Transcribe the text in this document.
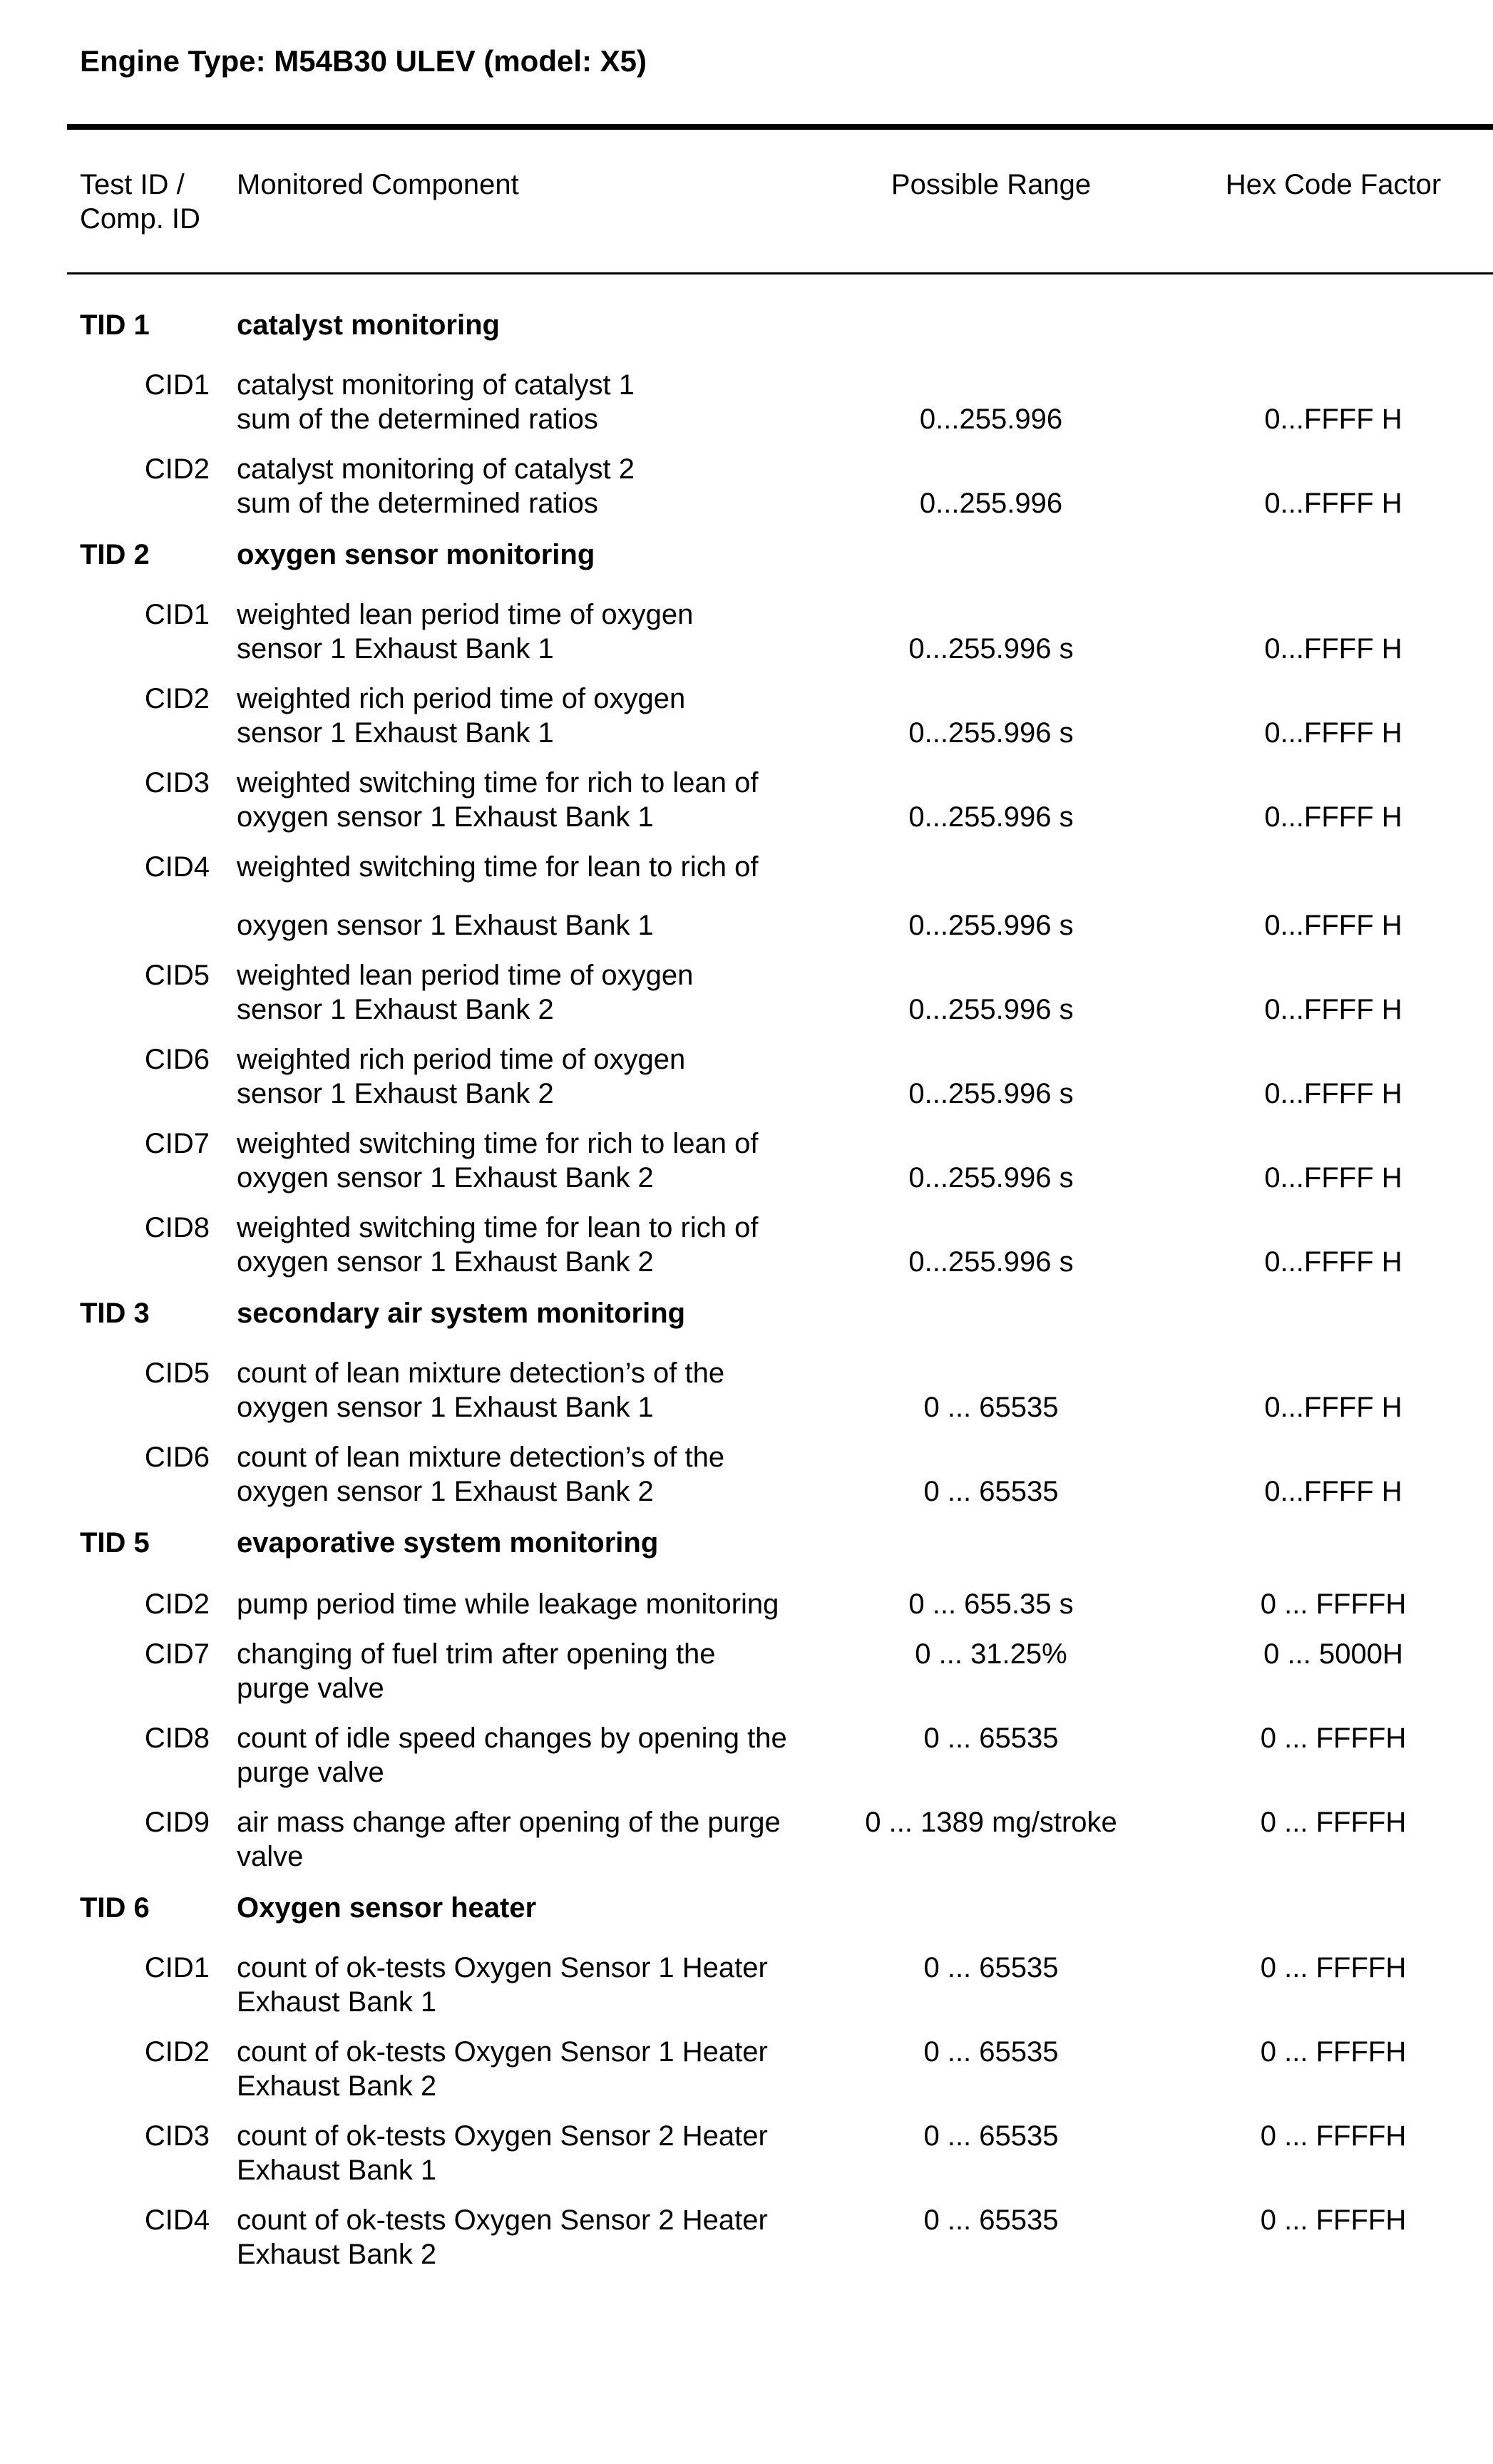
Engine Type: M54B30 ULEV (model: X5)
Test ID /
Comp. ID
Monitored Component	Possible Range	Hex Code Factor
TID 1	catalyst monitoring
CID1 catalyst monitoring of catalyst 1
sum of the determined ratios	0...255.996	0...FFFF H
CID2 catalyst monitoring of catalyst 2
sum of the determined ratios	0...255.996	0...FFFF H
TID 2	oxygen sensor monitoring
CID1 weighted lean period time of oxygen
sensor 1 Exhaust Bank 1	0...255.996 s	0...FFFF H
CID2 weighted rich period time of oxygen
sensor 1 Exhaust Bank 1	0...255.996 s	0...FFFF H
CID3 weighted switching time for rich to lean of
oxygen sensor 1 Exhaust Bank 1	0...255.996 s	0...FFFF H
CID4 weighted switching time for lean to rich of
oxygen sensor 1 Exhaust Bank 1	0...255.996 s	0...FFFF H
CID5 weighted lean period time of oxygen
sensor 1 Exhaust Bank 2	0...255.996 s	0...FFFF H
CID6 weighted rich period time of oxygen
sensor 1 Exhaust Bank 2	0...255.996 s	0...FFFF H
CID7 weighted switching time for rich to lean of
oxygen sensor 1 Exhaust Bank 2	0...255.996 s	0...FFFF H
CID8 weighted switching time for lean to rich of
oxygen sensor 1 Exhaust Bank 2	0...255.996 s	0...FFFF H
TID 3	secondary air system monitoring
CID5 count of lean mixture detection’s of the
oxygen sensor 1 Exhaust Bank 1	0 ... 65535	0...FFFF H
CID6 count of lean mixture detection’s of the
oxygen sensor 1 Exhaust Bank 2	0 ... 65535	0...FFFF H
TID 5	evaporative system monitoring
CID2 pump period time while leakage monitoring	0 ... 655.35 s	0 ... FFFFH
CID7 changing of fuel trim after opening the
purge valve
0 ... 31.25%	0 ... 5000H
CID8 count of idle speed changes by opening the
purge valve
0 ... 65535	0 ... FFFFH
CID9 air mass change after opening of the purge
valve
0 ... 1389 mg/stroke	0 ... FFFFH
TID 6	Oxygen sensor heater
CID1 count of ok-tests Oxygen Sensor 1 Heater
Exhaust Bank 1
0 ... 65535	0 ... FFFFH
CID2 count of ok-tests Oxygen Sensor 1 Heater
Exhaust Bank 2
0 ... 65535	0 ... FFFFH
CID3 count of ok-tests Oxygen Sensor 2 Heater
Exhaust Bank 1
0 ... 65535	0 ... FFFFH
CID4 count of ok-tests Oxygen Sensor 2 Heater
Exhaust Bank 2
0 ... 65535	0 ... FFFFH
